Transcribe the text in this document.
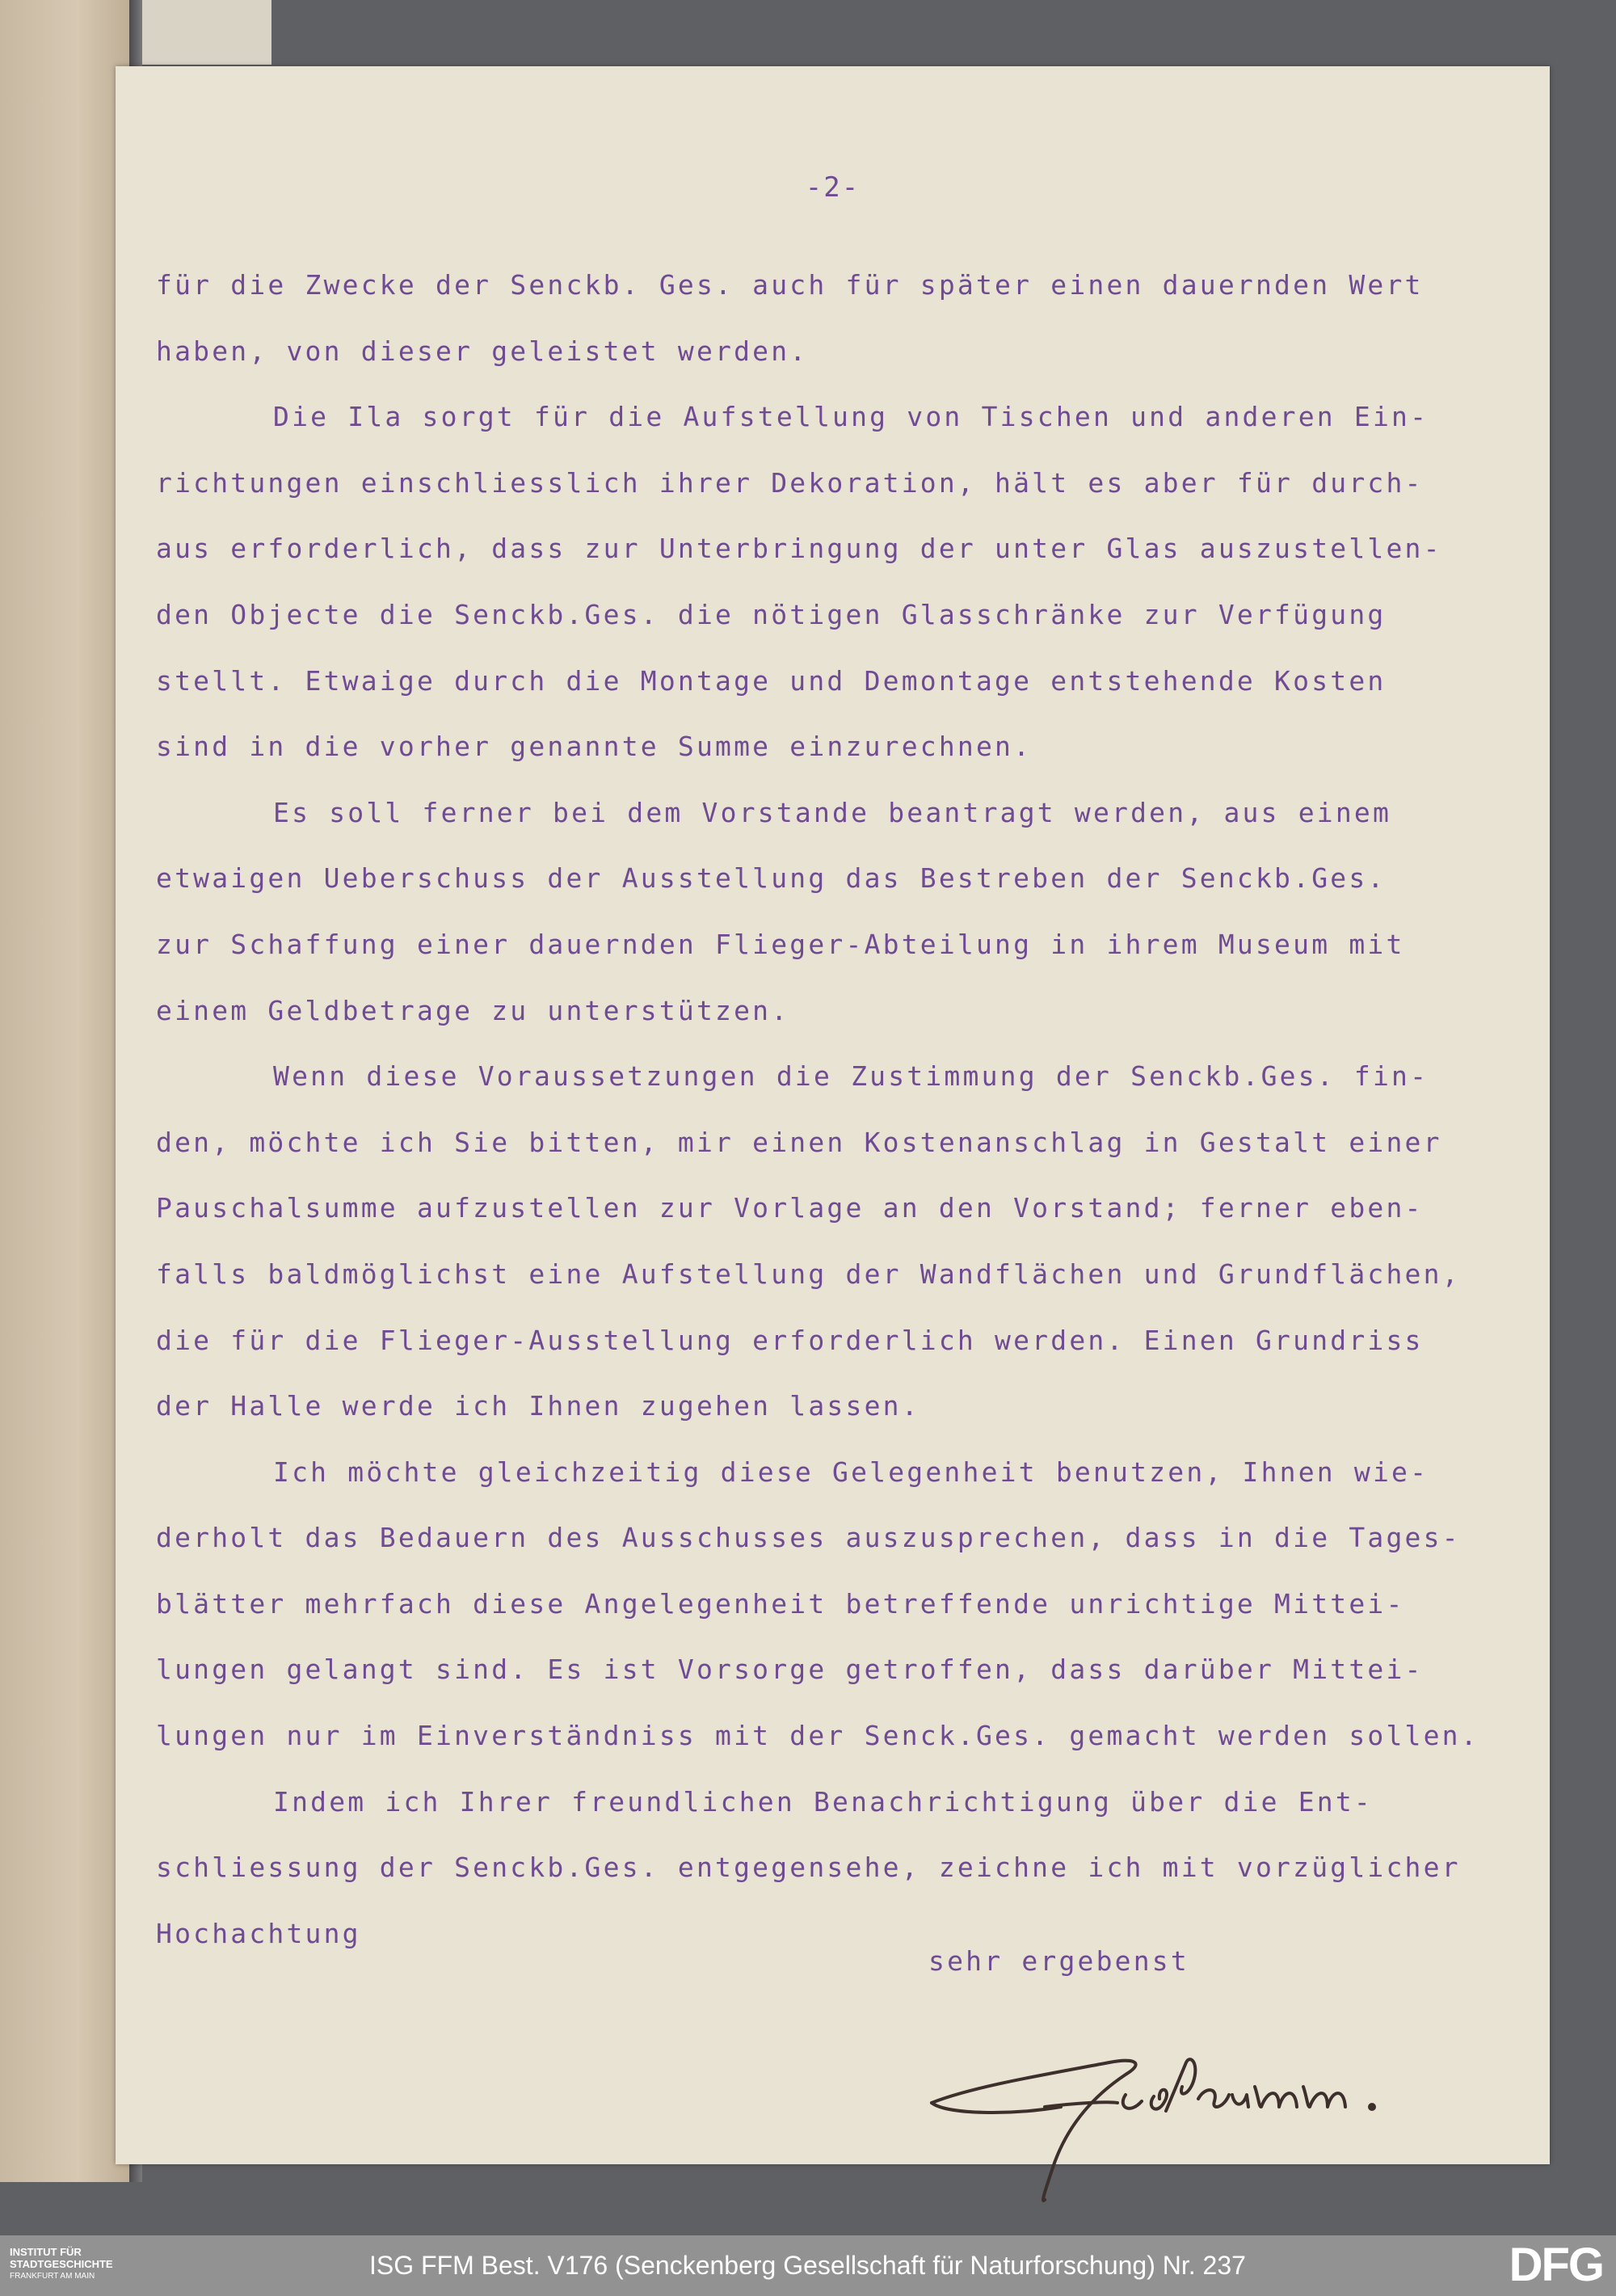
-2-
für die Zwecke der Senckb. Ges. auch für später einen dauernden Wert
haben, von dieser geleistet werden.
Die Ila sorgt für die Aufstellung von Tischen und anderen Ein-
richtungen einschliesslich ihrer Dekoration, hält es aber für durch-
aus erforderlich, dass zur Unterbringung der unter Glas auszustellen-
den Objecte die Senckb.Ges. die nötigen Glasschränke zur Verfügung
stellt. Etwaige durch die Montage und Demontage entstehende Kosten
sind in die vorher genannte Summe einzurechnen.
Es soll ferner bei dem Vorstande beantragt werden, aus einem
etwaigen Ueberschuss der Ausstellung das Bestreben der Senckb.Ges.
zur Schaffung einer dauernden Flieger-Abteilung in ihrem Museum mit
einem Geldbetrage zu unterstützen.
Wenn diese Voraussetzungen die Zustimmung der Senckb.Ges. fin-
den, möchte ich Sie bitten, mir einen Kostenanschlag in Gestalt einer
Pauschalsumme aufzustellen zur Vorlage an den Vorstand; ferner eben-
falls baldmöglichst eine Aufstellung der Wandflächen und Grundflächen,
die für die Flieger-Ausstellung erforderlich werden. Einen Grundriss
der Halle werde ich Ihnen zugehen lassen.
Ich möchte gleichzeitig diese Gelegenheit benutzen, Ihnen wie-
derholt das Bedauern des Ausschusses auszusprechen, dass in die Tages-
blätter mehrfach diese Angelegenheit betreffende unrichtige Mittei-
lungen gelangt sind. Es ist Vorsorge getroffen, dass darüber Mittei-
lungen nur im Einverständniss mit der Senck.Ges. gemacht werden sollen.
Indem ich Ihrer freundlichen Benachrichtigung über die Ent-
schliessung der Senckb.Ges. entgegensehe, zeichne ich mit vorzüglicher
Hochachtung
sehr ergebenst
INSTITUT FÜR
STADTGESCHICHTE
FRANKFURT AM MAIN	ISG FFM Best. V176 (Senckenberg Gesellschaft für Naturforschung) Nr. 237	DFG
